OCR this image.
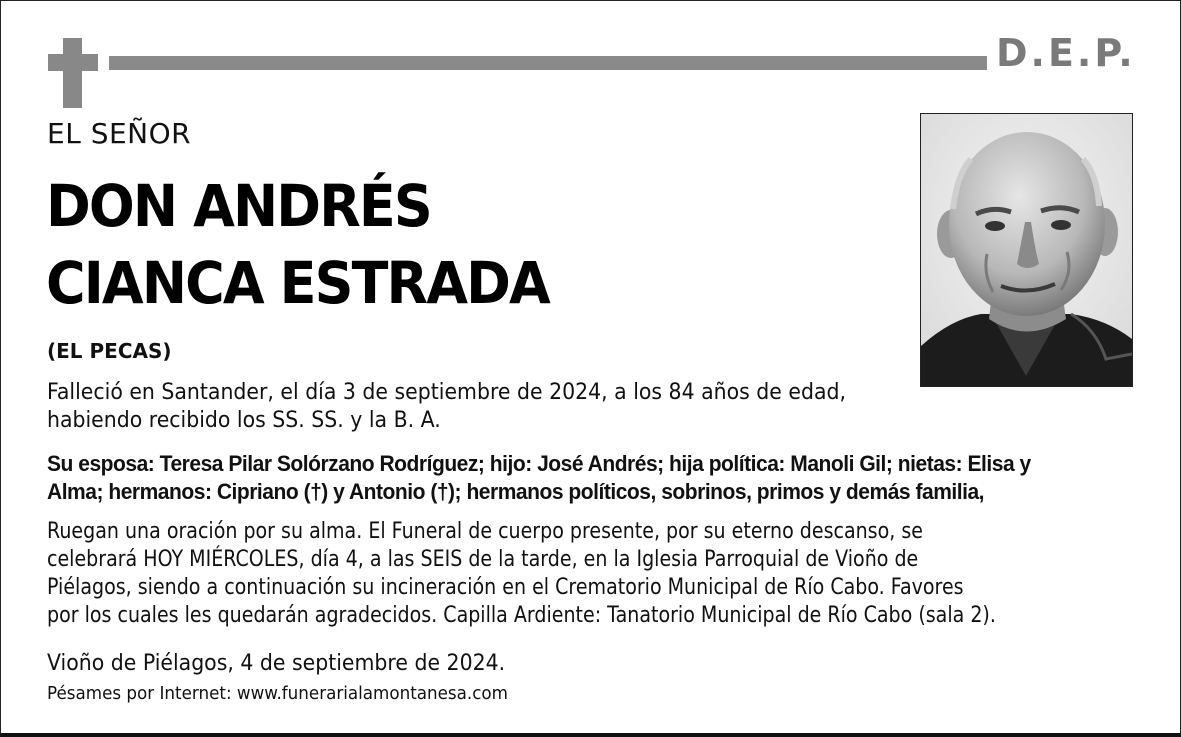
D.E.P.
EL SEÑOR
DON ANDRÉS
CIANCA ESTRADA
(EL PECAS)
Falleció en Santander, el día 3 de septiembre de 2024, a los 84 años de edad,
habiendo recibido los SS. SS. y la B. A.
Su esposa: Teresa Pilar Solórzano Rodríguez; hijo: José Andrés; hija política: Manoli Gil; nietas: Elisa y
Alma; hermanos: Cipriano (†) y Antonio (†); hermanos políticos, sobrinos, primos y demás familia,
Ruegan una oración por su alma. El Funeral de cuerpo presente, por su eterno descanso, se
celebrará HOY MIÉRCOLES, día 4, a las SEIS de la tarde, en la Iglesia Parroquial de Vioño de
Piélagos, siendo a continuación su incineración en el Crematorio Municipal de Río Cabo. Favores
por los cuales les quedarán agradecidos. Capilla Ardiente: Tanatorio Municipal de Río Cabo (sala 2).
Vioño de Piélagos, 4 de septiembre de 2024.
Pésames por Internet: www.funerarialamontanesa.com
